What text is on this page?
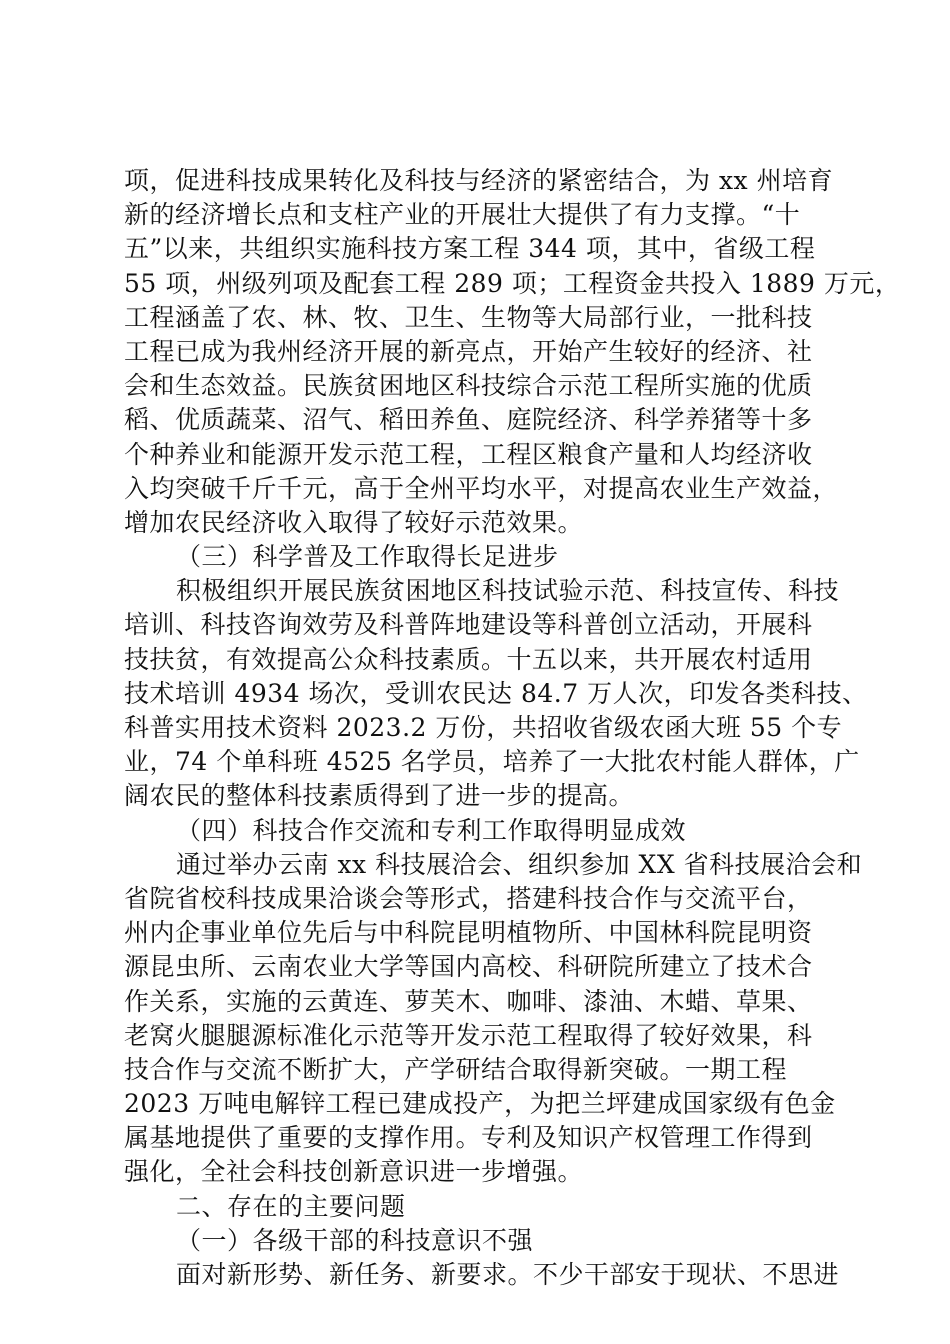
项，促进科技成果转化及科技与经济的紧密结合，为 xx 州培育
新的经济增长点和支柱产业的开展壮大提供了有力支撑。“十
五”以来，共组织实施科技方案工程 344 项，其中，省级工程
55 项，州级列项及配套工程 289 项；工程资金共投入 1889 万元，
工程涵盖了农、林、牧、卫生、生物等大局部行业，一批科技
工程已成为我州经济开展的新亮点，开始产生较好的经济、社
会和生态效益。民族贫困地区科技综合示范工程所实施的优质
稻、优质蔬菜、沼气、稻田养鱼、庭院经济、科学养猪等十多
个种养业和能源开发示范工程，工程区粮食产量和人均经济收
入均突破千斤千元，高于全州平均水平，对提高农业生产效益，
增加农民经济收入取得了较好示范效果。
（三）科学普及工作取得长足进步
积极组织开展民族贫困地区科技试验示范、科技宣传、科技
培训、科技咨询效劳及科普阵地建设等科普创立活动，开展科
技扶贫，有效提高公众科技素质。十五以来，共开展农村适用
技术培训 4934 场次，受训农民达 84.7 万人次，印发各类科技、
科普实用技术资料 2023.2 万份，共招收省级农函大班 55 个专
业，74 个单科班 4525 名学员，培养了一大批农村能人群体，广
阔农民的整体科技素质得到了进一步的提高。
（四）科技合作交流和专利工作取得明显成效
通过举办云南 xx 科技展洽会、组织参加 XX 省科技展洽会和
省院省校科技成果洽谈会等形式，搭建科技合作与交流平台，
州内企事业单位先后与中科院昆明植物所、中国林科院昆明资
源昆虫所、云南农业大学等国内高校、科研院所建立了技术合
作关系，实施的云黄连、萝芙木、咖啡、漆油、木蜡、草果、
老窝火腿腿源标准化示范等开发示范工程取得了较好效果，科
技合作与交流不断扩大，产学研结合取得新突破。一期工程
2023 万吨电解锌工程已建成投产，为把兰坪建成国家级有色金
属基地提供了重要的支撑作用。专利及知识产权管理工作得到
强化，全社会科技创新意识进一步增强。
二、存在的主要问题
（一）各级干部的科技意识不强
面对新形势、新任务、新要求。不少干部安于现状、不思进
